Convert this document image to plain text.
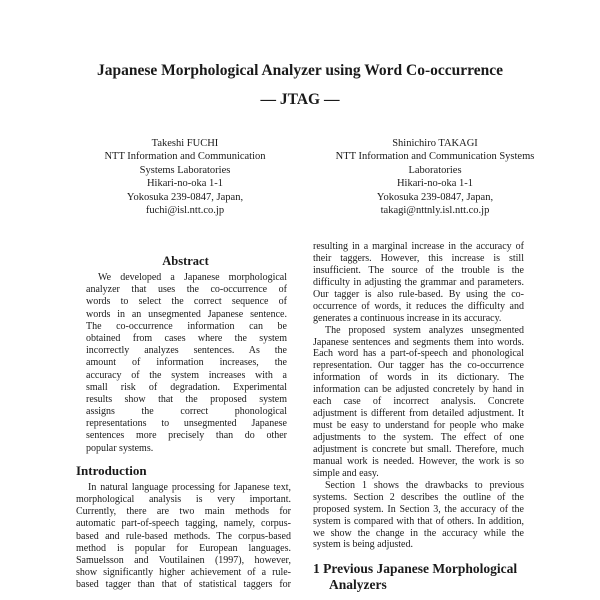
Japanese Morphological Analyzer using Word Co-occurrence
— JTAG —
Takeshi FUCHI
NTT Information and Communication
Systems Laboratories
Hikari-no-oka 1-1
Yokosuka 239-0847, Japan,
fuchi@isl.ntt.co.jp
Shinichiro TAKAGI
NTT Information and Communication Systems
Laboratories
Hikari-no-oka 1-1
Yokosuka 239-0847, Japan,
takagi@nttnly.isl.ntt.co.jp
Abstract
We developed a Japanese morphological
analyzer that uses the co-occurrence of
words to select the correct sequence of
words in an unsegmented Japanese sentence.
The co-occurrence information can be
obtained from cases where the system
incorrectly analyzes sentences. As the
amount of information increases, the
accuracy of the system increases with a
small risk of degradation. Experimental
results show that the proposed system
assigns the correct phonological
representations to unsegmented Japanese
sentences more precisely than do other
popular systems.
Introduction
In natural language processing for Japanese text,
morphological analysis is very important.
Currently, there are two main methods for
automatic part-of-speech tagging, namely, corpus-
based and rule-based methods. The corpus-based
method is popular for European languages.
Samuelsson and Voutilainen (1997), however,
show significantly higher achievement of a rule-
based tagger than that of statistical taggers for
resulting in a marginal increase in the accuracy of
their taggers. However, this increase is still
insufficient. The source of the trouble is the
difficulty in adjusting the grammar and parameters.
Our tagger is also rule-based. By using the co-
occurrence of words, it reduces the difficulty and
generates a continuous increase in its accuracy.
The proposed system analyzes unsegmented
Japanese sentences and segments them into words.
Each word has a part-of-speech and phonological
representation. Our tagger has the co-occurrence
information of words in its dictionary. The
information can be adjusted concretely by hand in
each case of incorrect analysis. Concrete
adjustment is different from detailed adjustment. It
must be easy to understand for people who make
adjustments to the system. The effect of one
adjustment is concrete but small. Therefore, much
manual work is needed. However, the work is so
simple and easy.
Section 1 shows the drawbacks to previous
systems. Section 2 describes the outline of the
proposed system. In Section 3, the accuracy of the
system is compared with that of others. In addition,
we show the change in the accuracy while the
system is being adjusted.
1 Previous Japanese Morphological
Analyzers
